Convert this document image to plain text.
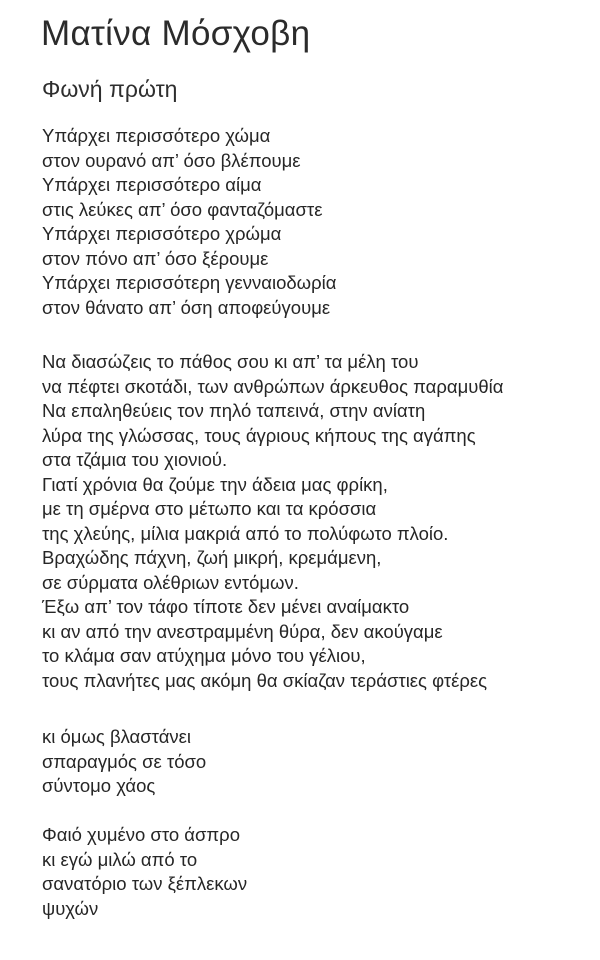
Ματίνα Μόσχοβη
Φωνή πρώτη
Υπάρχει περισσότερο χώμα
στον ουρανό απ’ όσο βλέπουμε
Υπάρχει περισσότερο αίμα
στις λεύκες απ’ όσο φανταζόμαστε
Υπάρχει περισσότερο χρώμα
στον πόνο απ’ όσο ξέρουμε
Υπάρχει περισσότερη γενναιοδωρία
στον θάνατο απ’ όση αποφεύγουμε
Να διασώζεις το πάθος σου κι απ’ τα μέλη του
να πέφτει σκοτάδι, των ανθρώπων άρκευθος παραμυθία
Να επαληθεύεις τον πηλό ταπεινά, στην ανίατη
λύρα της γλώσσας, τους άγριους κήπους της αγάπης
στα τζάμια του χιονιού.
Γιατί χρόνια θα ζούμε την άδεια μας φρίκη,
με τη σμέρνα στο μέτωπο και τα κρόσσια
της χλεύης, μίλια μακριά από το πολύφωτο πλοίο.
Βραχώδης πάχνη, ζωή μικρή, κρεμάμενη,
σε σύρματα ολέθριων εντόμων.
Έξω απ’ τον τάφο τίποτε δεν μένει αναίμακτο
κι αν από την ανεστραμμένη θύρα, δεν ακούγαμε
το κλάμα σαν ατύχημα μόνο του γέλιου,
τους πλανήτες μας ακόμη θα σκίαζαν τεράστιες φτέρες
κι όμως βλαστάνει
σπαραγμός σε τόσο
σύντομο χάος
Φαιό χυμένο στο άσπρο
κι εγώ μιλώ από το
σανατόριο των ξέπλεκων
ψυχών
